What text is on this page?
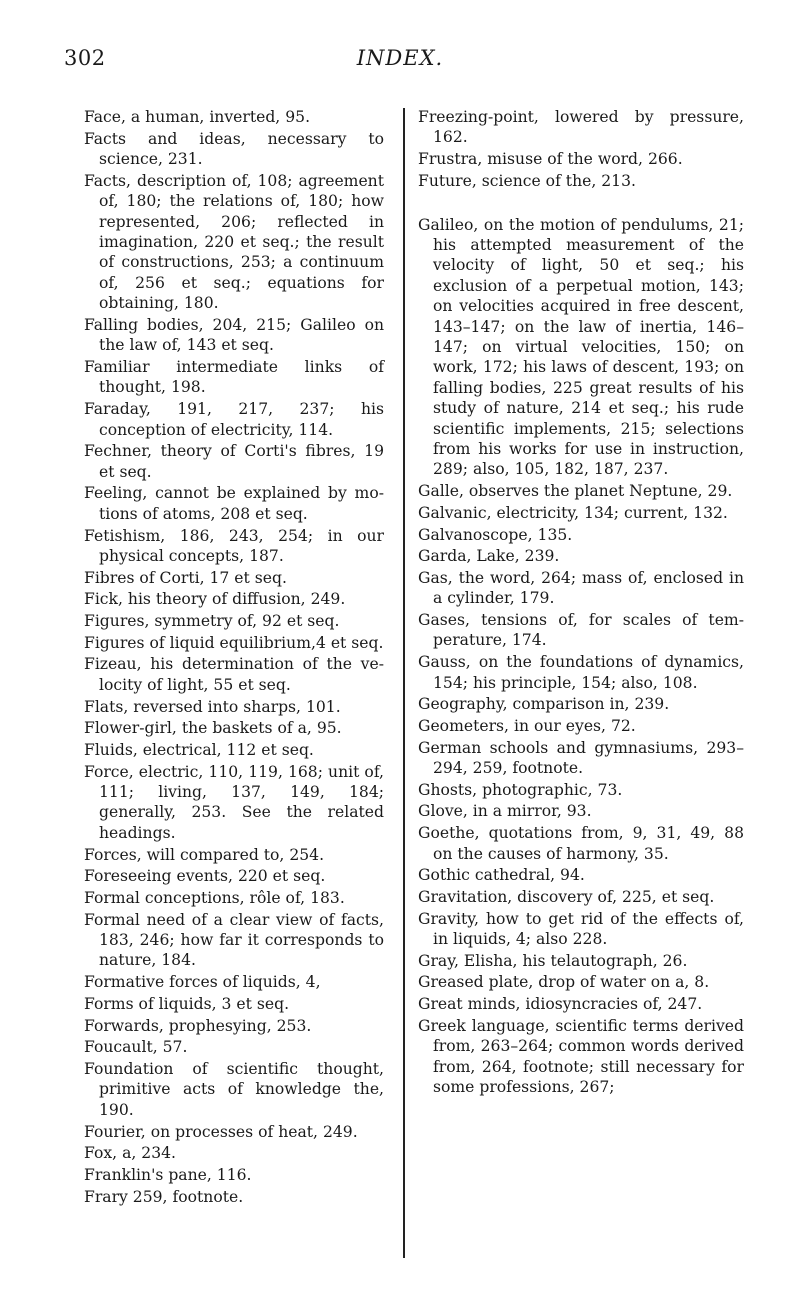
302	INDEX.

Face, a human, inverted, 95.

Facts and ideas, necessary to science, 231.

Facts, description of, 108; agreement of, 180; the relations of, 180; how represented, 206; reflected in imagination, 220 et seq.; the result of constructions, 253; a continuum of, 256 et seq.; equations for obtaining, 180.

Falling bodies, 204, 215; Galileo on the law of, 143 et seq.

Familiar intermediate links of thought, 198.

Faraday, 191, 217, 237; his conception of electricity, 114.

Fechner, theory of Corti's fibres, 19 et seq.

Feeling, cannot be explained by motions of atoms, 208 et seq.

Fetishism, 186, 243, 254; in our physical concepts, 187.

Fibres of Corti, 17 et seq.

Fick, his theory of diffusion, 249.

Figures, symmetry of, 92 et seq.

Figures of liquid equilibrium,4 et seq.

Fizeau, his determination of the velocity of light, 55 et seq.

Flats, reversed into sharps, 101.

Flower-girl, the baskets of a, 95.

Fluids, electrical, 112 et seq.

Force, electric, 110, 119, 168; unit of, 111; living, 137, 149, 184; generally, 253. See the related headings.

Forces, will compared to, 254.

Foreseeing events, 220 et seq.

Formal conceptions, rôle of, 183.

Formal need of a clear view of facts, 183, 246; how far it corresponds to nature, 184.

Formative forces of liquids, 4,

Forms of liquids, 3 et seq.

Forwards, prophesying, 253.

Foucault, 57.

Foundation of scientific thought, primitive acts of knowledge the, 190.

Fourier, on processes of heat, 249.

Fox, a, 234.

Franklin's pane, 116.

Frary 259, footnote.

Freezing-point, lowered by pressure, 162.

Frustra, misuse of the word, 266.

Future, science of the, 213.

Galileo, on the motion of pendulums, 21; his attempted measurement of the velocity of light, 50 et seq.; his exclusion of a perpetual motion, 143; on velocities acquired in free descent, 143–147; on the law of inertia, 146–147; on virtual velocities, 150; on work, 172; his laws of descent, 193; on falling bodies, 225 great results of his study of nature, 214 et seq.; his rude scientific implements, 215; selections from his works for use in instruction, 289; also, 105, 182, 187, 237.

Galle, observes the planet Neptune, 29.

Galvanic, electricity, 134; current, 132.

Galvanoscope, 135.

Garda, Lake, 239.

Gas, the word, 264; mass of, enclosed in a cylinder, 179.

Gases, tensions of, for scales of temperature, 174.

Gauss, on the foundations of dynamics, 154; his principle, 154; also, 108.

Geography, comparison in, 239.

Geometers, in our eyes, 72.

German schools and gymnasiums, 293–294, 259, footnote.

Ghosts, photographic, 73.

Glove, in a mirror, 93.

Goethe, quotations from, 9, 31, 49, 88 on the causes of harmony, 35.

Gothic cathedral, 94.

Gravitation, discovery of, 225, et seq.

Gravity, how to get rid of the effects of, in liquids, 4; also 228.

Gray, Elisha, his telautograph, 26.

Greased plate, drop of water on a, 8.

Great minds, idiosyncracies of, 247.

Greek language, scientific terms derived from, 263–264; common words derived from, 264, footnote; still necessary for some professions, 267;
